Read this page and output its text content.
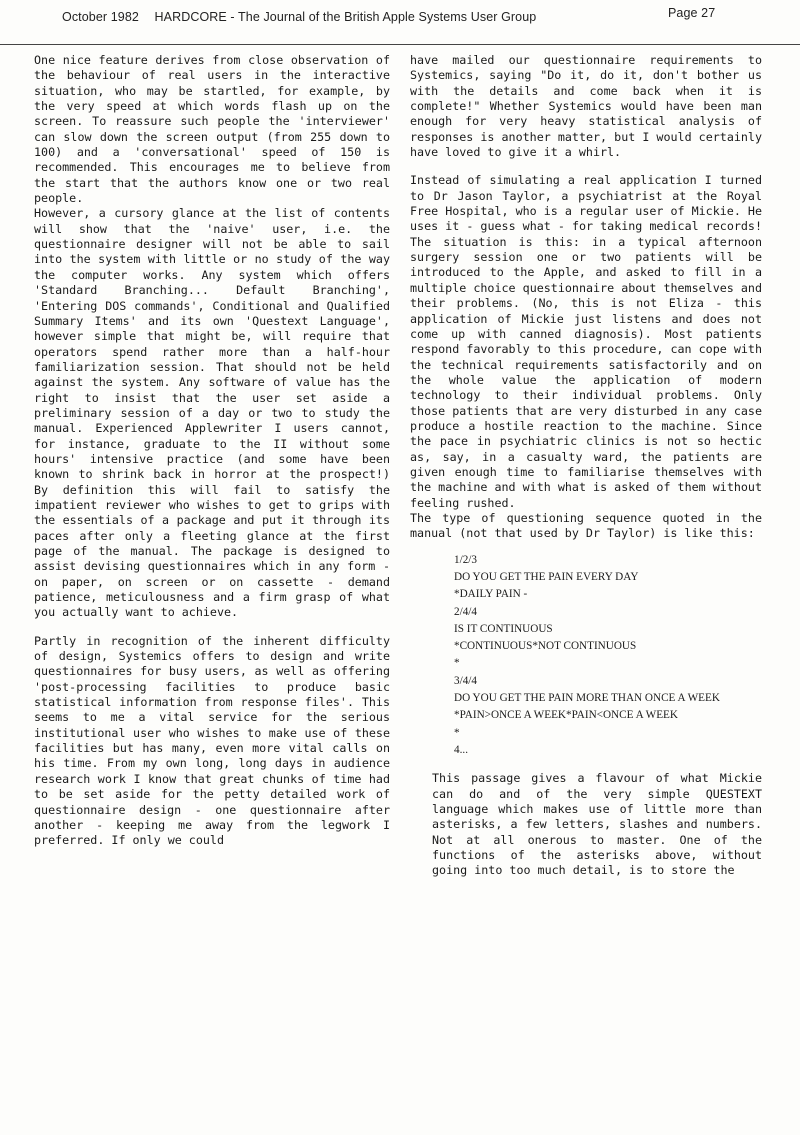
October 1982 HARDCORE - The Journal of the British Apple Systems User Group	Page 27

One nice feature derives from close observation of the behaviour of real users in the interactive situation, who may be startled, for example, by the very speed at which words flash up on the screen. To reassure such people the 'interviewer' can slow down the screen output (from 255 down to 100) and a 'conversational' speed of 150 is recommended. This encourages me to believe from the start that the authors know one or two real people.

However, a cursory glance at the list of contents will show that the 'naive' user, i.e. the questionnaire designer will not be able to sail into the system with little or no study of the way the computer works. Any system which offers 'Standard Branching... Default Branching', 'Entering DOS commands', Conditional and Qualified Summary Items' and its own 'Questext Language', however simple that might be, will require that operators spend rather more than a half-hour familiarization session. That should not be held against the system. Any software of value has the right to insist that the user set aside a preliminary session of a day or two to study the manual. Experienced Applewriter I users cannot, for instance, graduate to the II without some hours' intensive practice (and some have been known to shrink back in horror at the prospect!) By definition this will fail to satisfy the impatient reviewer who wishes to get to grips with the essentials of a package and put it through its paces after only a fleeting glance at the first page of the manual. The package is designed to assist devising questionnaires which in any form - on paper, on screen or on cassette - demand patience, meticulousness and a firm grasp of what you actually want to achieve.

Partly in recognition of the inherent difficulty of design, Systemics offers to design and write questionnaires for busy users, as well as offering 'post-processing facilities to produce basic statistical information from response files'. This seems to me a vital service for the serious institutional user who wishes to make use of these facilities but has many, even more vital calls on his time. From my own long, long days in audience research work I know that great chunks of time had to be set aside for the petty detailed work of questionnaire design - one questionnaire after another - keeping me away from the legwork I preferred. If only we could

have mailed our questionnaire requirements to Systemics, saying "Do it, do it, don't bother us with the details and come back when it is complete!" Whether Systemics would have been man enough for very heavy statistical analysis of responses is another matter, but I would certainly have loved to give it a whirl.

Instead of simulating a real application I turned to Dr Jason Taylor, a psychiatrist at the Royal Free Hospital, who is a regular user of Mickie. He uses it - guess what - for taking medical records! The situation is this: in a typical afternoon surgery session one or two patients will be introduced to the Apple, and asked to fill in a multiple choice questionnaire about themselves and their problems. (No, this is not Eliza - this application of Mickie just listens and does not come up with canned diagnosis). Most patients respond favorably to this procedure, can cope with the technical requirements satisfactorily and on the whole value the application of modern technology to their individual problems. Only those patients that are very disturbed in any case produce a hostile reaction to the machine. Since the pace in psychiatric clinics is not so hectic as, say, in a casualty ward, the patients are given enough time to familiarise themselves with the machine and with what is asked of them without feeling rushed.

The type of questioning sequence quoted in the manual (not that used by Dr Taylor) is like this:

1/2/3
DO YOU GET THE PAIN EVERY DAY
*DAILY PAIN -
2/4/4
IS IT CONTINUOUS
*CONTINUOUS*NOT CONTINUOUS
*
3/4/4
DO YOU GET THE PAIN MORE THAN ONCE A WEEK
*PAIN>ONCE A WEEK*PAIN<ONCE A WEEK
*
4...

This passage gives a flavour of what Mickie can do and of the very simple QUESTEXT language which makes use of little more than asterisks, a few letters, slashes and numbers. Not at all onerous to master. One of the functions of the asterisks above, without going into too much detail, is to store the
